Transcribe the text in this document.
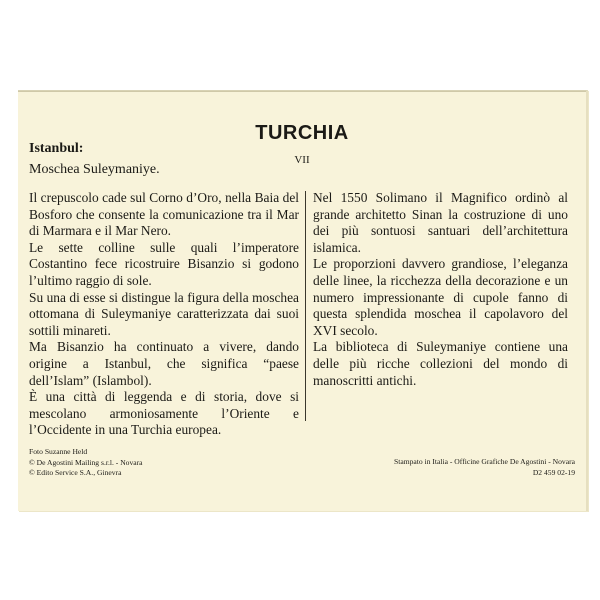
TURCHIA
VII
Istanbul:
Moschea Suleymaniye.

Il crepuscolo cade sul Corno d’Oro, nella Baia del Bosforo che consente la comunicazione tra il Mar di Marmara e il Mar Nero.

Le sette colline sulle quali l’imperatore Costantino fece ricostruire Bisanzio si godono l’ultimo raggio di sole.

Su una di esse si distingue la figura della moschea ottomana di Suleymaniye caratterizzata dai suoi sottili minareti.

Ma Bisanzio ha continuato a vivere, dando origine a Istanbul, che significa “paese dell’Islam” (Islambol).

È una città di leggenda e di storia, dove si mescolano armoniosamente l’Oriente e l’Occidente in una Turchia europea.

Nel 1550 Solimano il Magnifico ordinò al grande architetto Sinan la costruzione di uno dei più sontuosi santuari dell’architettura islamica.

Le proporzioni davvero grandiose, l’eleganza delle linee, la ricchezza della decorazione e un numero impressionante di cupole fanno di questa splendida moschea il capolavoro del XVI secolo.

La biblioteca di Suleymaniye contiene una delle più ricche collezioni del mondo di manoscritti antichi.

Foto Suzanne Held
© De Agostini Mailing s.r.l. - Novara
© Edito Service S.A., Ginevra
Stampato in Italia - Officine Grafiche De Agostini - Novara
D2 459 02-19
